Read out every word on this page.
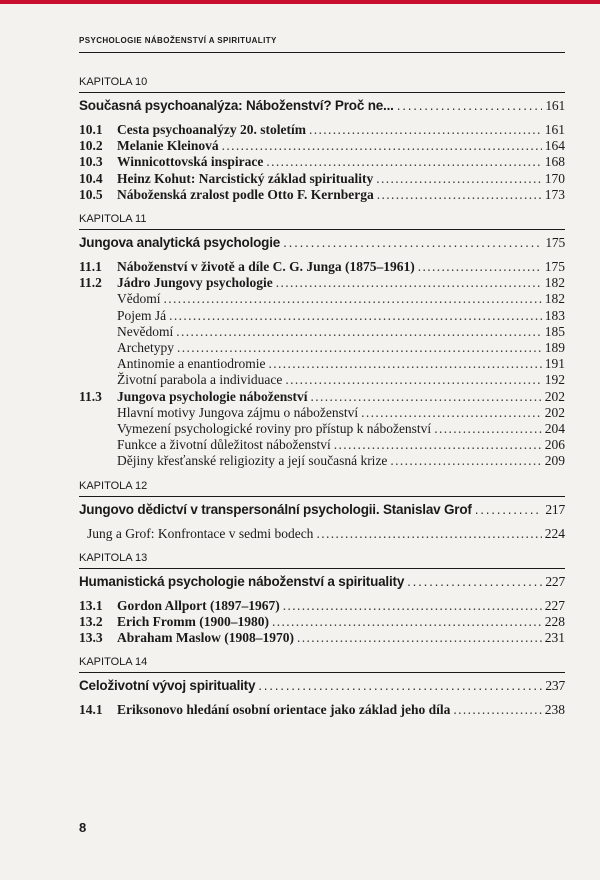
PSYCHOLOGIE NÁBOŽENSTVÍ A SPIRITUALITY
KAPITOLA 10
Současná psychoanalýza: Náboženství? Proč ne... . . .	161
10.1	Cesta psychoanalýzy 20. stoletím . . .	161
10.2	Melanie Kleinová . . .	164
10.3	Winnicottovská inspirace . . .	168
10.4	Heinz Kohut: Narcistický základ spirituality . . .	170
10.5	Náboženská zralost podle Otto F. Kernberga . . .	173
KAPITOLA 11
Jungova analytická psychologie . . .	175
11.1	Náboženství v životě a díle C. G. Junga (1875–1961) . . .	175
11.2	Jádro Jungovy psychologie . . .	182
Vědomí . . .	182
Pojem Já . . .	183
Nevědomí . . .	185
Archetypy . . .	189
Antinomie a enantiodromie . . .	191
Životní parabola a individuace . . .	192
11.3	Jungova psychologie náboženství . . .	202
Hlavní motivy Jungova zájmu o náboženství . . .	202
Vymezení psychologické roviny pro přístup k náboženství . . .	204
Funkce a životní důležitost náboženství . . .	206
Dějiny křesťanské religiozity a její současná krize . . .	209
KAPITOLA 12
Jungovo dědictví v transpersonální psychologii. Stanislav Grof . . .	217
Jung a Grof: Konfrontace v sedmi bodech . . .	224
KAPITOLA 13
Humanistická psychologie náboženství a spirituality . . .	227
13.1	Gordon Allport (1897–1967) . . .	227
13.2	Erich Fromm (1900–1980) . . .	228
13.3	Abraham Maslow (1908–1970) . . .	231
KAPITOLA 14
Celoživotní vývoj spirituality . . .	237
14.1	Eriksonovo hledání osobní orientace jako základ jeho díla . . .	238
8
